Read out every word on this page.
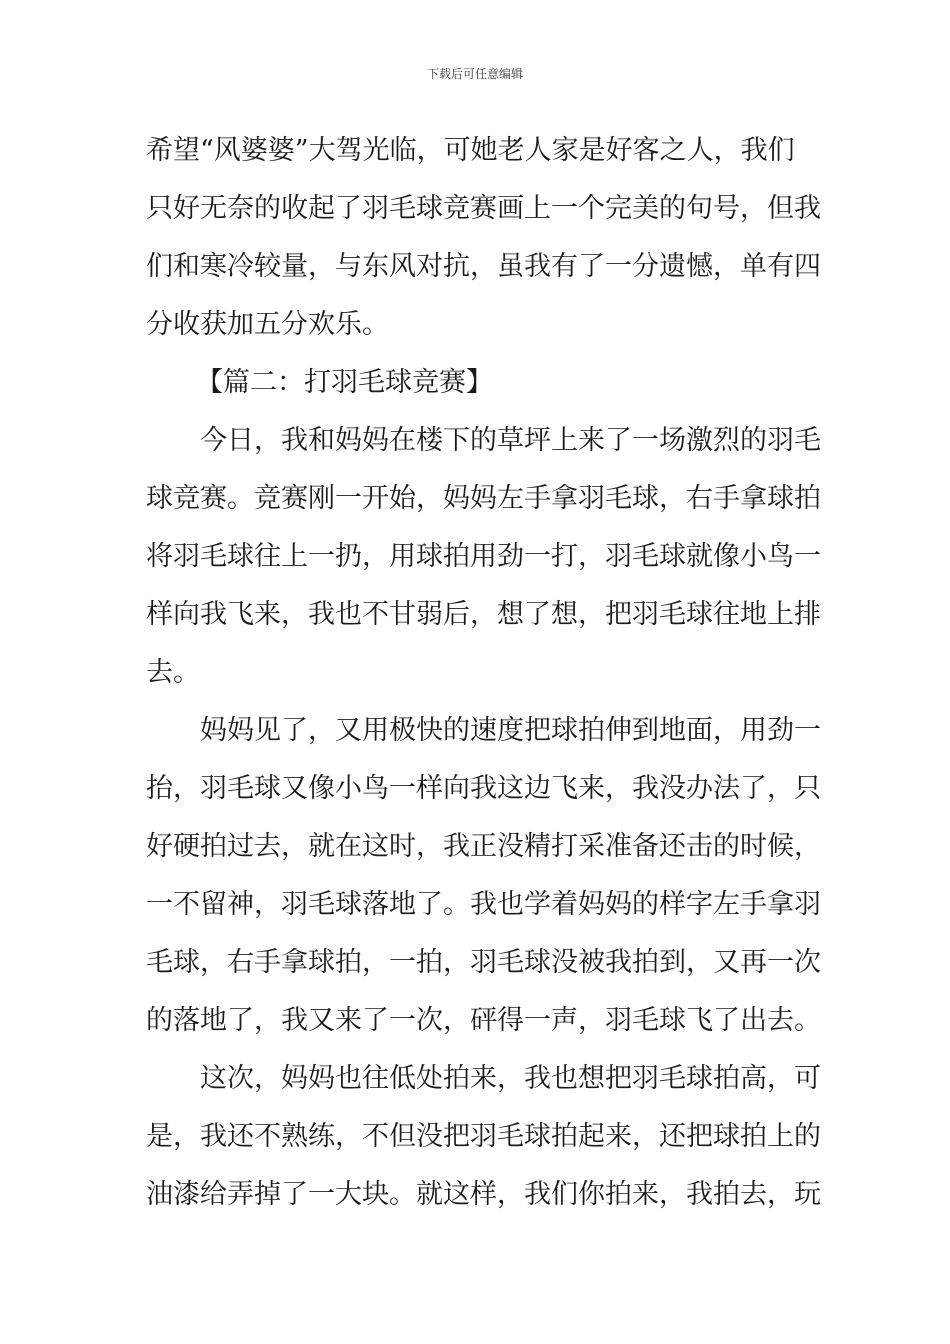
下载后可任意编辑
希望“风婆婆”大驾光临，可她老人家是好客之人，我们
只好无奈的收起了羽毛球竞赛画上一个完美的句号，但我
们和寒冷较量，与东风对抗，虽我有了一分遗憾，单有四
分收获加五分欢乐。
【篇二：打羽毛球竞赛】
今日，我和妈妈在楼下的草坪上来了一场激烈的羽毛
球竞赛。竞赛刚一开始，妈妈左手拿羽毛球，右手拿球拍
将羽毛球往上一扔，用球拍用劲一打，羽毛球就像小鸟一
样向我飞来，我也不甘弱后，想了想，把羽毛球往地上排
去。
妈妈见了，又用极快的速度把球拍伸到地面，用劲一
抬，羽毛球又像小鸟一样向我这边飞来，我没办法了，只
好硬拍过去，就在这时，我正没精打采准备还击的时候，
一不留神，羽毛球落地了。我也学着妈妈的样字左手拿羽
毛球，右手拿球拍，一拍，羽毛球没被我拍到，又再一次
的落地了，我又来了一次，砰得一声，羽毛球飞了出去。
这次，妈妈也往低处拍来，我也想把羽毛球拍高，可
是，我还不熟练，不但没把羽毛球拍起来，还把球拍上的
油漆给弄掉了一大块。就这样，我们你拍来，我拍去，玩
